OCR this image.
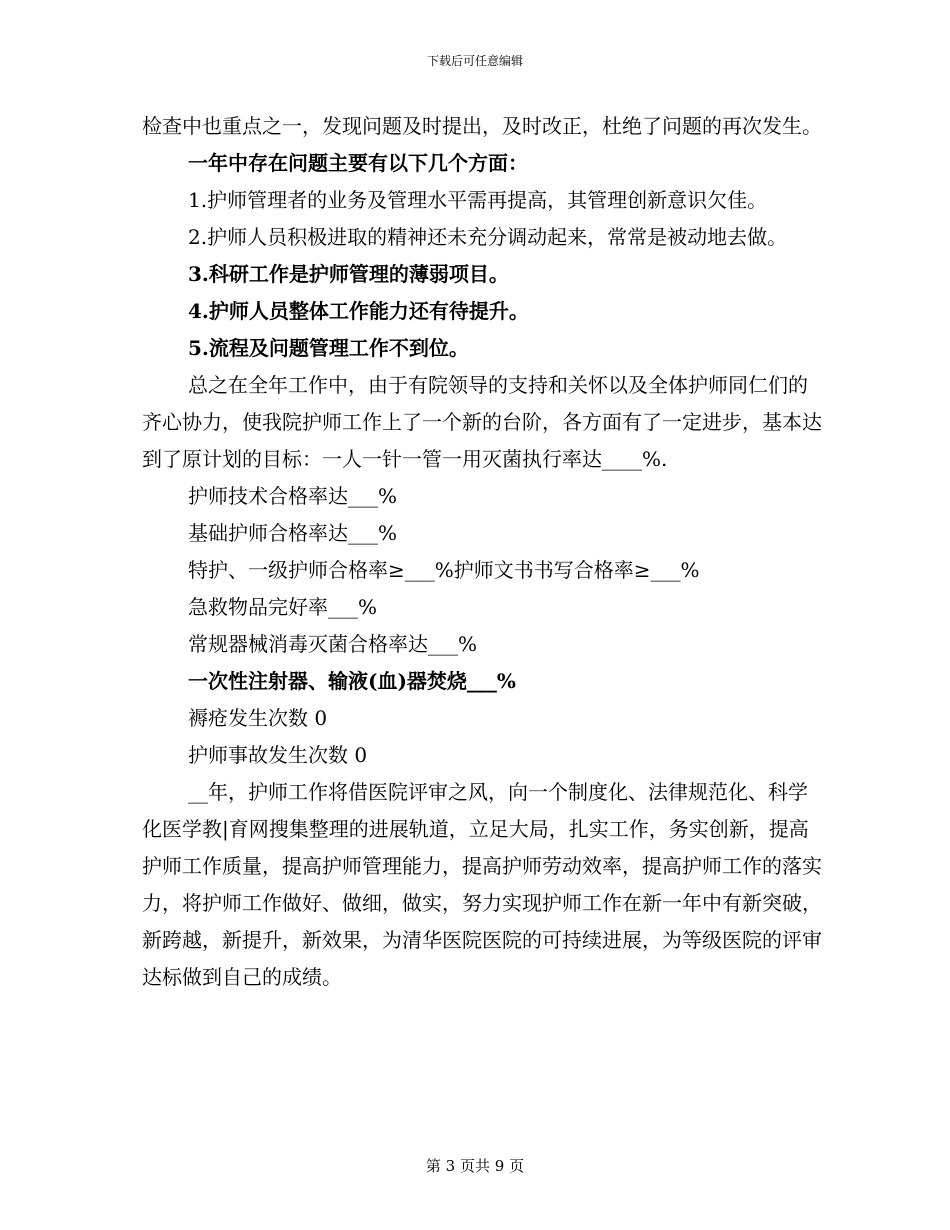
下载后可任意编辑

检查中也重点之一，发现问题及时提出，及时改正，杜绝了问题的再次发生。

一年中存在问题主要有以下几个方面：

1.护师管理者的业务及管理水平需再提高，其管理创新意识欠佳。

2.护师人员积极进取的精神还未充分调动起来，常常是被动地去做。

3.科研工作是护师管理的薄弱项目。

4.护师人员整体工作能力还有待提升。

5.流程及问题管理工作不到位。

总之在全年工作中，由于有院领导的支持和关怀以及全体护师同仁们的齐心协力，使我院护师工作上了一个新的台阶，各方面有了一定进步，基本达到了原计划的目标：一人一针一管一用灭菌执行率达____%.

护师技术合格率达___%

基础护师合格率达___%

特护、一级护师合格率≥___%护师文书书写合格率≥___%

急救物品完好率___%

常规器械消毒灭菌合格率达___%

一次性注射器、输液(血)器焚烧___%

褥疮发生次数 0

护师事故发生次数 0

__年，护师工作将借医院评审之风，向一个制度化、法律规范化、科学化医学教|育网搜集整理的进展轨道，立足大局，扎实工作，务实创新，提高护师工作质量，提高护师管理能力，提高护师劳动效率，提高护师工作的落实力，将护师工作做好、做细，做实，努力实现护师工作在新一年中有新突破，新跨越，新提升，新效果，为清华医院医院的可持续进展，为等级医院的评审达标做到自己的成绩。

第 3 页共 9 页
